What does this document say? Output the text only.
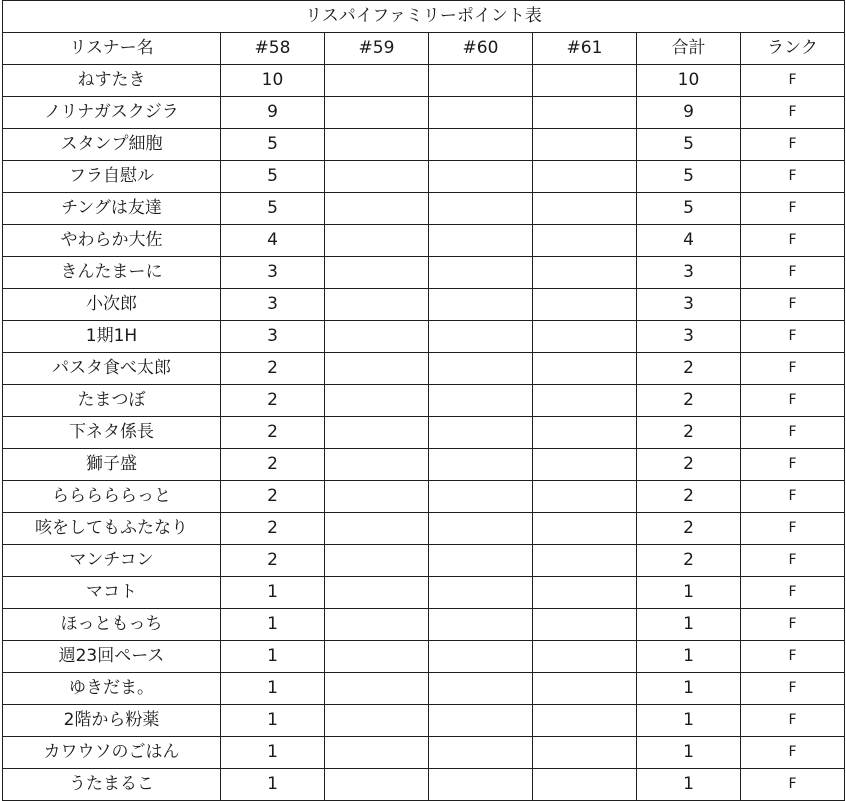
リスパイファミリーポイント表						
リスナー名	#58	#59	#60	#61	合計	ランク
ねすたき	10				10	F
ノリナガスクジラ	9				9	F
スタンプ細胞	5				5	F
フラ自慰ル	5				5	F
チングは友達	5				5	F
やわらか大佐	4				4	F
きんたまーに	3				3	F
小次郎	3				3	F
1期1H	3				3	F
パスタ食べ太郎	2				2	F
たまつぼ	2				2	F
下ネタ係長	2				2	F
獅子盛	2				2	F
らららららっと	2				2	F
咳をしてもふたなり	2				2	F
マンチコン	2				2	F
マコト	1				1	F
ほっともっち	1				1	F
週23回ペース	1				1	F
ゆきだま。	1				1	F
2階から粉薬	1				1	F
カワウソのごはん	1				1	F
うたまるこ	1				1	F
